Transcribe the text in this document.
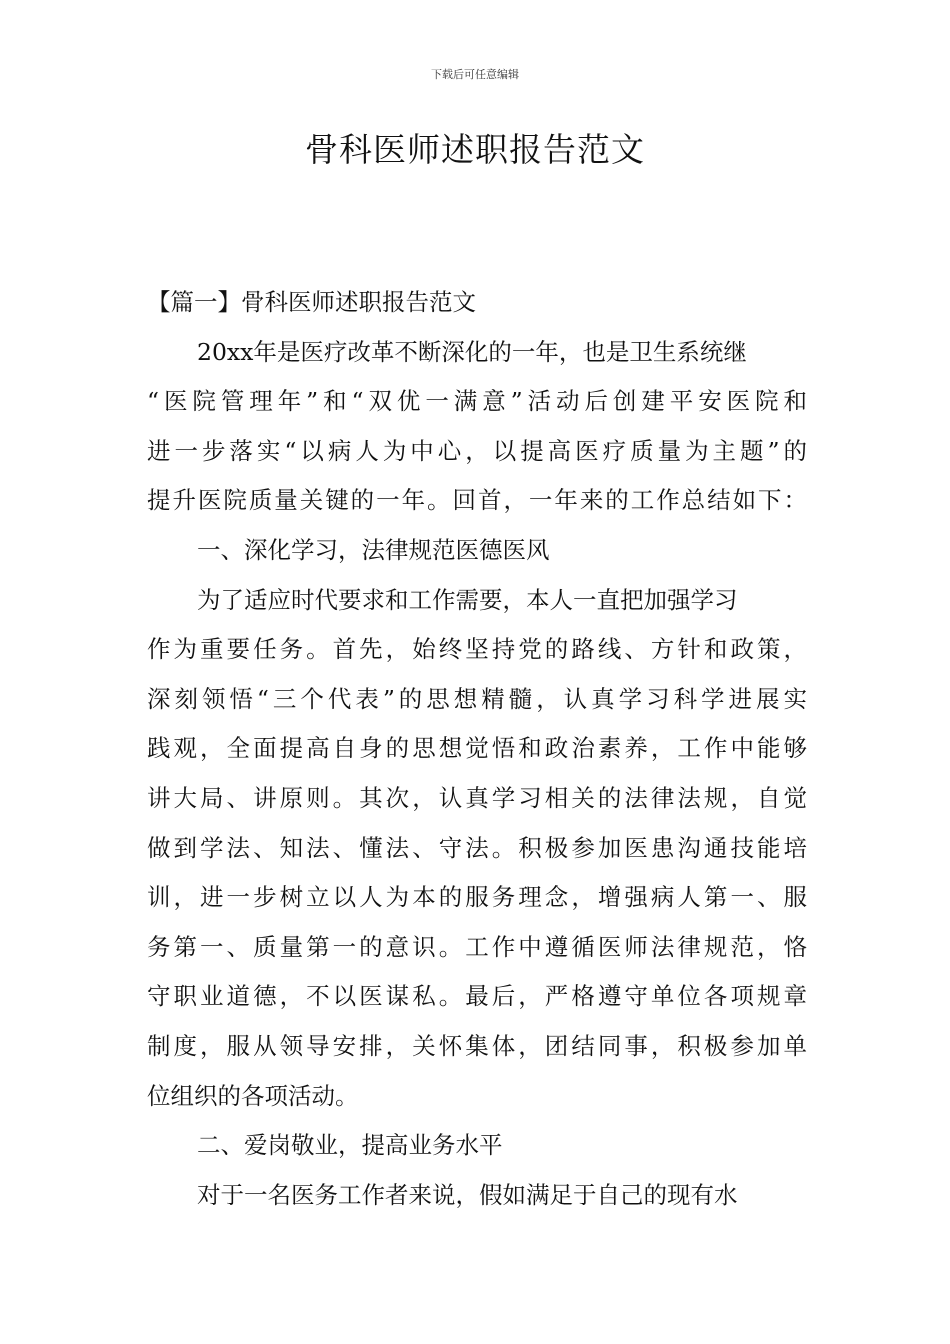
下载后可任意编辑
骨科医师述职报告范文
【篇一】骨科医师述职报告范文
20xx年是医疗改革不断深化的一年，也是卫生系统继
“医院管理年”和“双优一满意”活动后创建平安医院和
进一步落实“以病人为中心，以提高医疗质量为主题”的
提升医院质量关键的一年。回首，一年来的工作总结如下：
一、深化学习，法律规范医德医风
为了适应时代要求和工作需要，本人一直把加强学习
作为重要任务。首先，始终坚持党的路线、方针和政策，
深刻领悟“三个代表”的思想精髓，认真学习科学进展实
践观，全面提高自身的思想觉悟和政治素养，工作中能够
讲大局、讲原则。其次，认真学习相关的法律法规，自觉
做到学法、知法、懂法、守法。积极参加医患沟通技能培
训，进一步树立以人为本的服务理念，增强病人第一、服
务第一、质量第一的意识。工作中遵循医师法律规范，恪
守职业道德，不以医谋私。最后，严格遵守单位各项规章
制度，服从领导安排，关怀集体，团结同事，积极参加单
位组织的各项活动。
二、爱岗敬业，提高业务水平
对于一名医务工作者来说，假如满足于自己的现有水
